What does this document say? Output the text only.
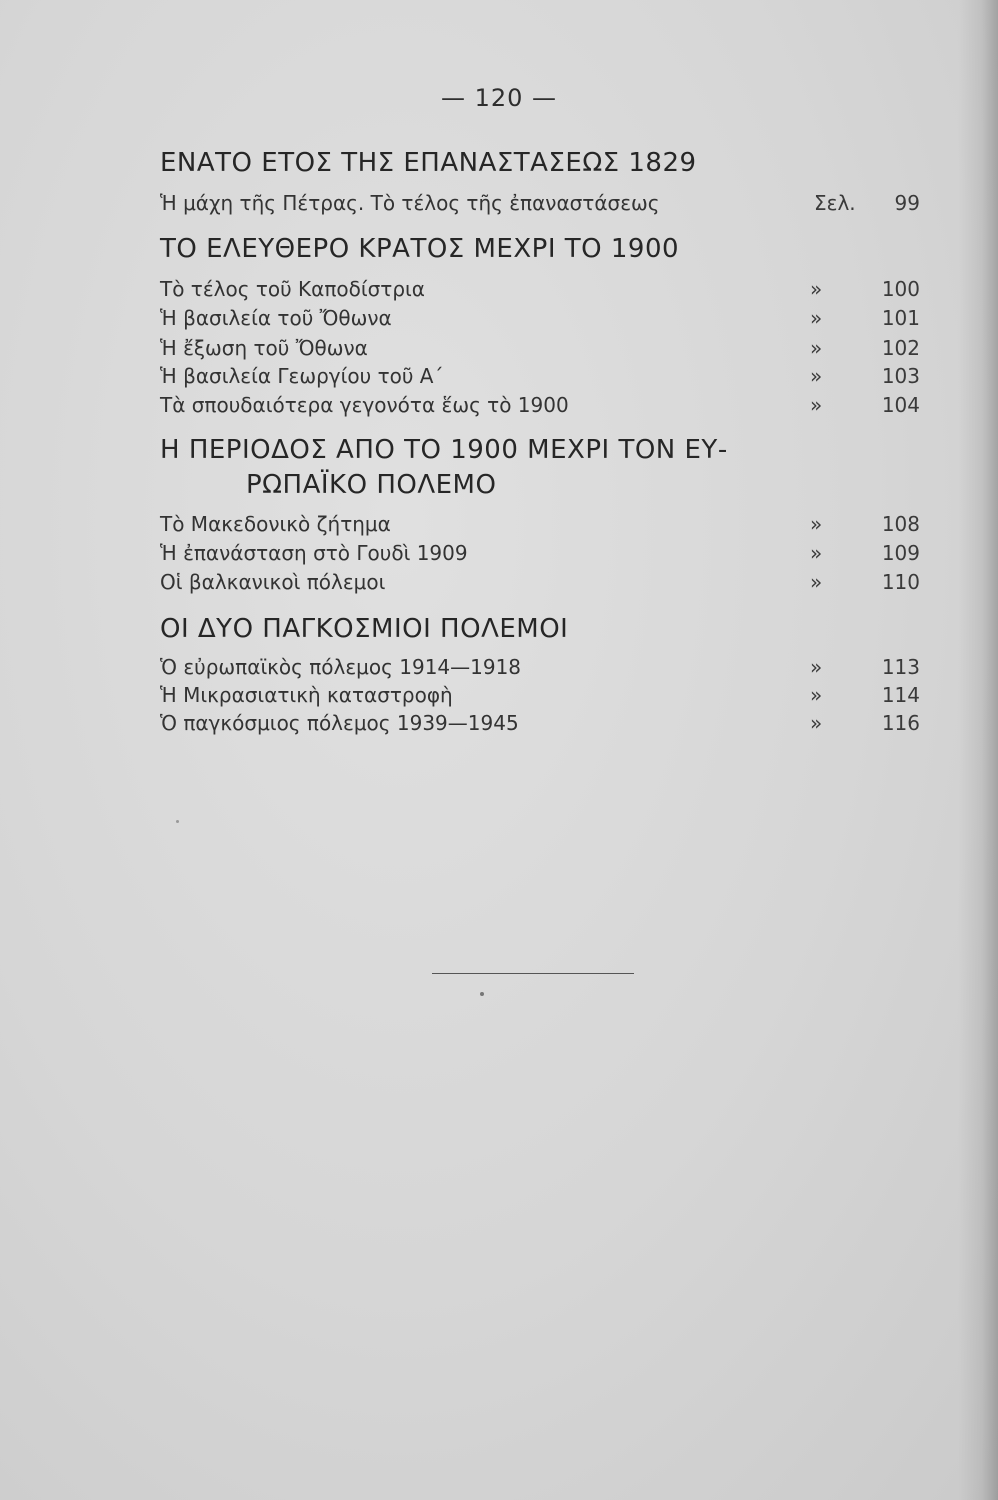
— 120 —
ΕΝΑΤΟ ΕΤΟΣ ΤΗΣ ΕΠΑΝΑΣΤΑΣΕΩΣ 1829
Ἡ μάχη τῆς Πέτρας. Τὸ τέλος τῆς ἐπαναστάσεως	Σελ.	99
ΤΟ ΕΛΕΥΘΕΡΟ ΚΡΑΤΟΣ ΜΕΧΡΙ ΤΟ 1900
Τὸ τέλος τοῦ Καποδίστρια	»	100
Ἡ βασιλεία τοῦ Ὄθωνα	»	101
Ἡ ἔξωση τοῦ Ὄθωνα	»	102
Ἡ βασιλεία Γεωργίου τοῦ Α΄	»	103
Τὰ σπουδαιότερα γεγονότα ἕως τὸ 1900	»	104
Η ΠΕΡΙΟΔΟΣ ΑΠΟ ΤΟ 1900 ΜΕΧΡΙ ΤΟΝ ΕΥ-
ΡΩΠΑΪΚΟ ΠΟΛΕΜΟ
Τὸ Μακεδονικὸ ζήτημα	»	108
Ἡ ἐπανάσταση στὸ Γουδὶ 1909	»	109
Οἱ βαλκανικοὶ πόλεμοι	»	110
ΟΙ ΔΥΟ ΠΑΓΚΟΣΜΙΟΙ ΠΟΛΕΜΟΙ
Ὁ εὐρωπαϊκὸς πόλεμος 1914—1918	»	113
Ἡ Μικρασιατικὴ καταστροφὴ	»	114
Ὁ παγκόσμιος πόλεμος 1939—1945	»	116
